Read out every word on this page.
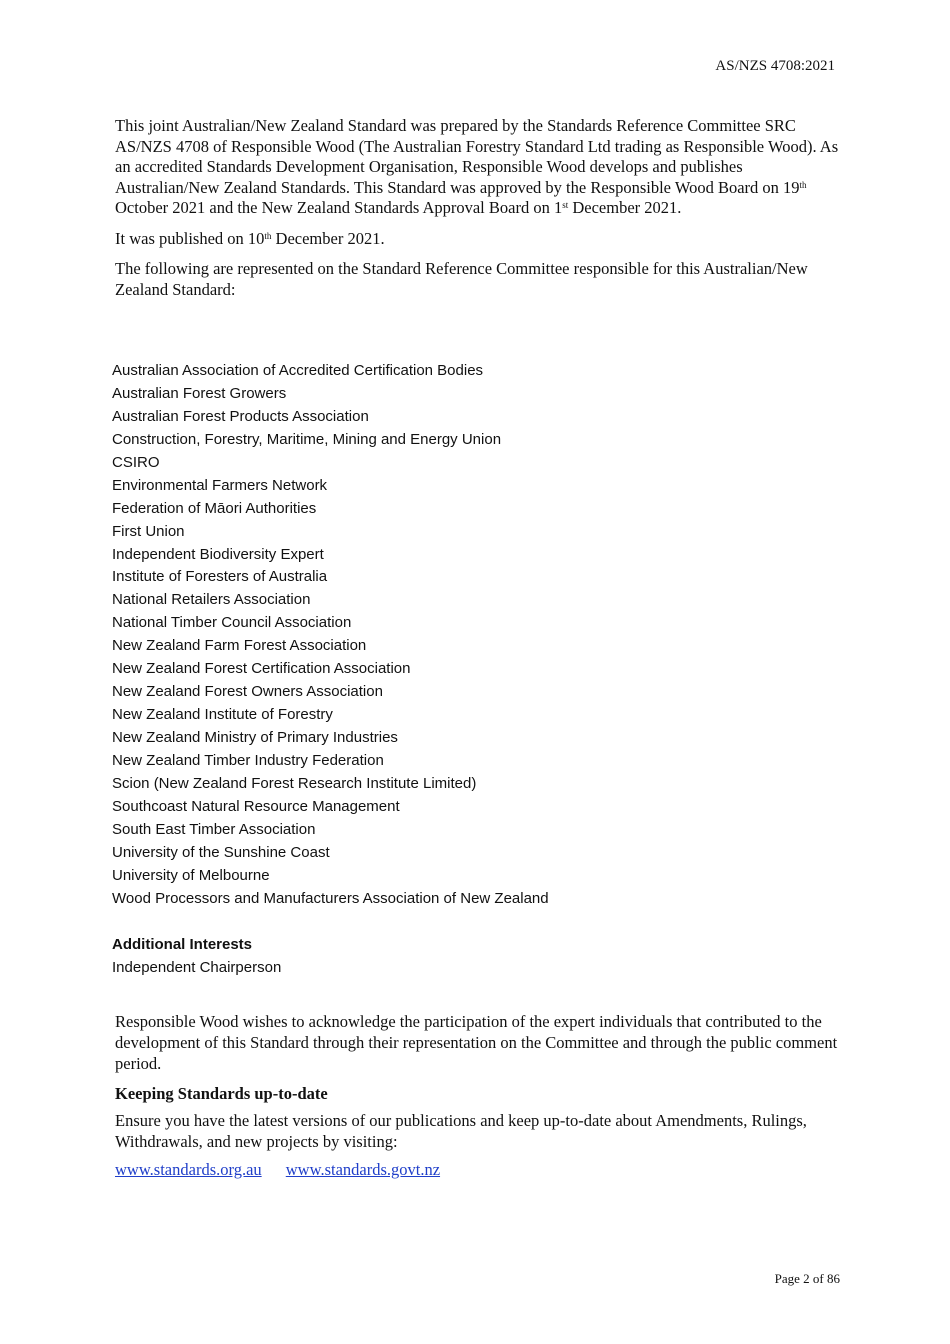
AS/NZS 4708:2021

This joint Australian/New Zealand Standard was prepared by the Standards Reference Committee SRC AS/NZS 4708 of Responsible Wood (The Australian Forestry Standard Ltd trading as Responsible Wood). As an accredited Standards Development Organisation, Responsible Wood develops and publishes Australian/New Zealand Standards. This Standard was approved by the Responsible Wood Board on 19th October 2021 and the New Zealand Standards Approval Board on 1st December 2021.

It was published on 10th December 2021.

The following are represented on the Standard Reference Committee responsible for this Australian/New Zealand Standard:

Australian Association of Accredited Certification Bodies
Australian Forest Growers
Australian Forest Products Association
Construction, Forestry, Maritime, Mining and Energy Union
CSIRO
Environmental Farmers Network
Federation of Māori Authorities
First Union
Independent Biodiversity Expert
Institute of Foresters of Australia
National Retailers Association
National Timber Council Association
New Zealand Farm Forest Association
New Zealand Forest Certification Association
New Zealand Forest Owners Association
New Zealand Institute of Forestry
New Zealand Ministry of Primary Industries
New Zealand Timber Industry Federation
Scion (New Zealand Forest Research Institute Limited)
Southcoast Natural Resource Management
South East Timber Association
University of the Sunshine Coast
University of Melbourne
Wood Processors and Manufacturers Association of New Zealand
Additional Interests
Independent Chairperson

Responsible Wood wishes to acknowledge the participation of the expert individuals that contributed to the development of this Standard through their representation on the Committee and through the public comment period.

Keeping Standards up-to-date

Ensure you have the latest versions of our publications and keep up-to-date about Amendments, Rulings, Withdrawals, and new projects by visiting:

www.standards.org.au www.standards.govt.nz
Page 2 of 86
